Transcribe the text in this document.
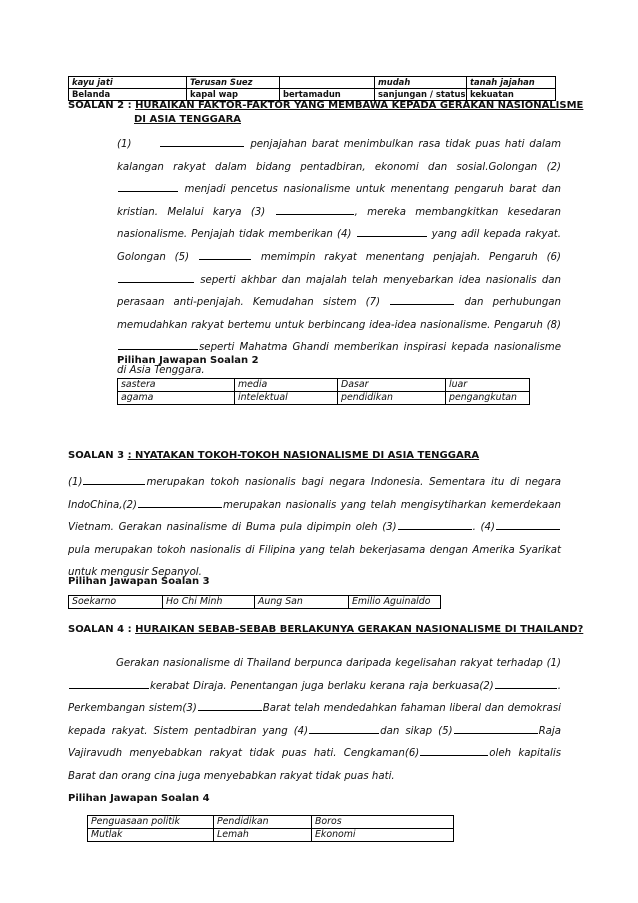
kayu jati	Terusan Suez		mudah	tanah jajahan
Belanda	kapal wap	bertamadun	sanjungan / status	kekuatan
SOALAN 2 : HURAIKAN FAKTOR-FAKTOR YANG MEMBAWA KEPADA GERAKAN NASIONALISME
DI ASIA TENGGARA
(1)	penjajahan barat menimbulkan rasa tidak puas hati dalam kalangan rakyat dalam bidang pentadbiran, ekonomi dan sosial.Golongan (2) menjadi pencetus nasionalisme untuk menentang pengaruh barat dan kristian. Melalui karya (3)	, mereka membangkitkan kesedaran nasionalisme. Penjajah tidak memberikan (4)	yang adil kepada rakyat. Golongan (5)	memimpin rakyat menentang penjajah. Pengaruh (6)  seperti akhbar dan majalah telah menyebarkan idea nasionalis dan perasaan anti-penjajah. Kemudahan sistem (7)	dan perhubungan memudahkan rakyat bertemu untuk berbincang idea-idea nasionalisme. Pengaruh (8)seperti Mahatma Ghandi memberikan inspirasi kepada nasionalisme di Asia Tenggara.
Pilihan Jawapan Soalan 2
sastera	media	Dasar	luar
agama	intelektual	pendidikan	pengangkutan
SOALAN 3 : NYATAKAN TOKOH-TOKOH NASIONALISME DI ASIA TENGGARA
(1)	merupakan tokoh nasionalis bagi negara Indonesia. Sementara itu di negara IndoChina,(2)	merupakan nasionalis yang telah mengisytiharkan kemerdekaan Vietnam. Gerakan nasinalisme di Buma pula dipimpin oleh (3)	. (4)pula merupakan tokoh nasionalis di Filipina yang telah bekerjasama dengan Amerika Syarikat untuk mengusir Sepanyol.
Pilihan Jawapan Soalan 3
Soekarno	Ho Chi Minh	Aung San	Emilio Aguinaldo
SOALAN 4 : HURAIKAN SEBAB-SEBAB BERLAKUNYA GERAKAN NASIONALISME DI THAILAND?
Gerakan nasionalisme di Thailand berpunca daripada kegelisahan rakyat terhadap (1)kerabat Diraja. Penentangan juga berlaku kerana raja berkuasa(2)	. Perkembangan sistem(3)	Barat telah mendedahkan fahaman liberal dan demokrasi kepada rakyat. Sistem pentadbiran yang (4)	dan sikap (5)	Raja Vajiravudh menyebabkan rakyat tidak puas hati. Cengkaman(6)	oleh kapitalis Barat dan orang cina juga menyebabkan rakyat tidak puas hati.
Pilihan Jawapan Soalan 4
Penguasaan politik	Pendidikan	Boros
Mutlak	Lemah	Ekonomi
